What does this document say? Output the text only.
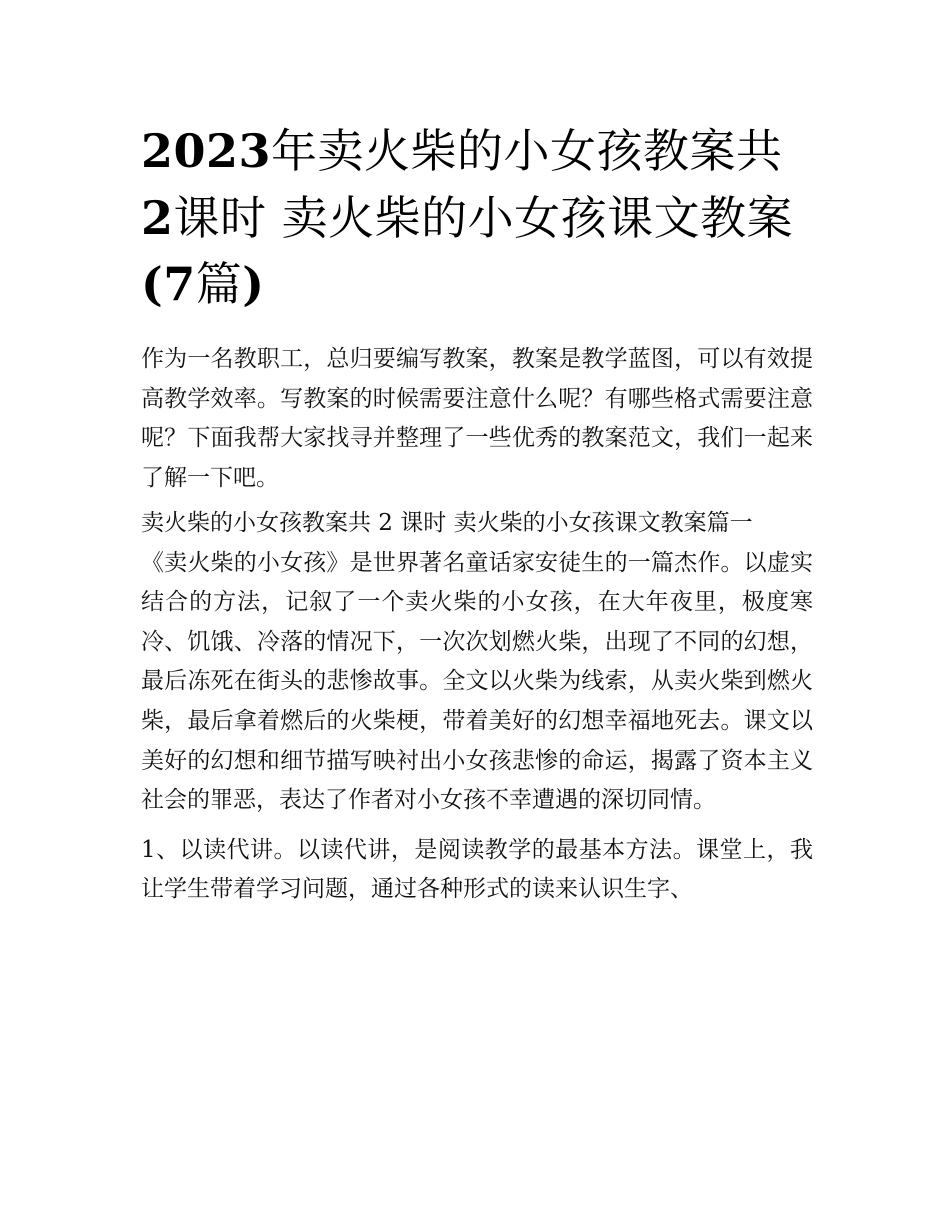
2023年卖火柴的小女孩教案共
2课时 卖火柴的小女孩课文教案
(7篇)

作为一名教职工，总归要编写教案，教案是教学蓝图，可以有效提高教学效率。写教案的时候需要注意什么呢？有哪些格式需要注意呢？下面我帮大家找寻并整理了一些优秀的教案范文，我们一起来了解一下吧。

卖火柴的小女孩教案共 2 课时 卖火柴的小女孩课文教案篇一

《卖火柴的小女孩》是世界著名童话家安徒生的一篇杰作。以虚实结合的方法，记叙了一个卖火柴的小女孩，在大年夜里，极度寒冷、饥饿、冷落的情况下，一次次划燃火柴，出现了不同的幻想，最后冻死在街头的悲惨故事。全文以火柴为线索，从卖火柴到燃火柴，最后拿着燃后的火柴梗，带着美好的幻想幸福地死去。课文以美好的幻想和细节描写映衬出小女孩悲惨的命运，揭露了资本主义社会的罪恶，表达了作者对小女孩不幸遭遇的深切同情。

1、以读代讲。以读代讲，是阅读教学的最基本方法。课堂上，我让学生带着学习问题，通过各种形式的读来认识生字、
